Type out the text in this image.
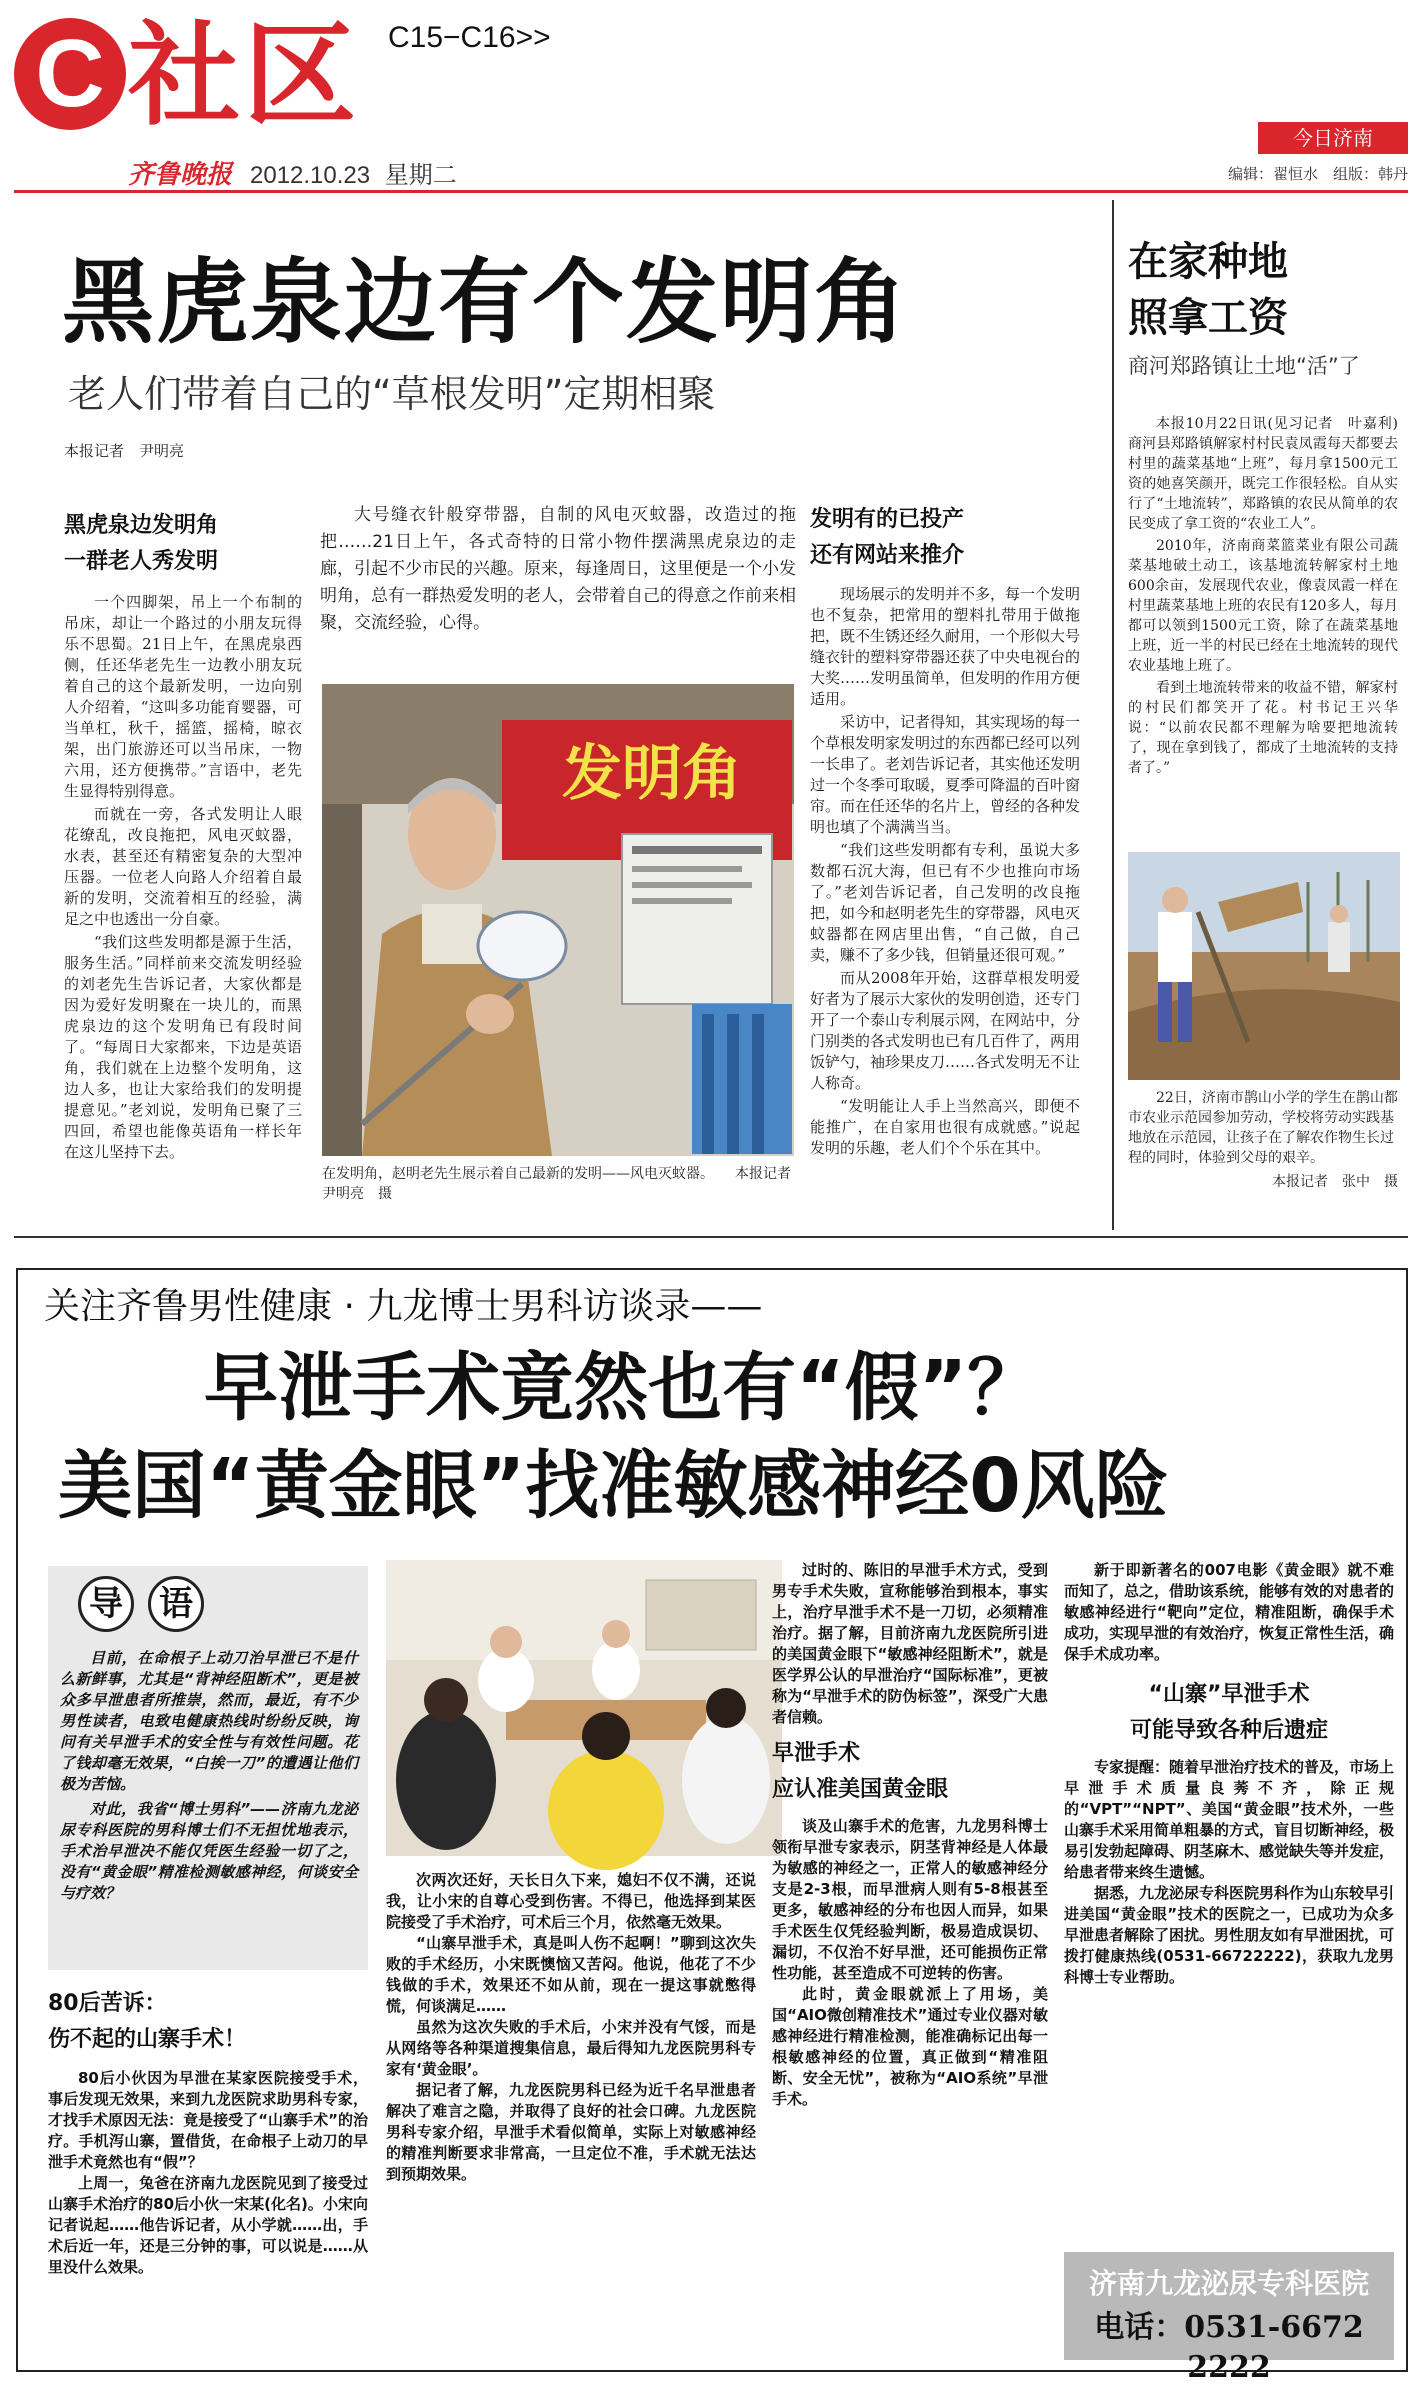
C 社区 C15−C16>>
齐鲁晚报 2012.10.23 星期二
今日济南
编辑：翟恒水　组版：韩丹
黑虎泉边有个发明角
老人们带着自己的“草根发明”定期相聚
本报记者　尹明亮
黑虎泉边发明角
一群老人秀发明

一个四脚架，吊上一个布制的吊床，却让一个路过的小朋友玩得乐不思蜀。21日上午，在黑虎泉西侧，任还华老先生一边教小朋友玩着自己的这个最新发明，一边向别人介绍着，“这叫多功能育婴器，可当单杠，秋千，摇篮，摇椅，晾衣架，出门旅游还可以当吊床，一物六用，还方便携带。”言语中，老先生显得特别得意。

而就在一旁，各式发明让人眼花缭乱，改良拖把，风电灭蚊器，水表，甚至还有精密复杂的大型冲压器。一位老人向路人介绍着自最新的发明，交流着相互的经验，满足之中也透出一分自豪。

“我们这些发明都是源于生活，服务生活。”同样前来交流发明经验的刘老先生告诉记者，大家伙都是因为爱好发明聚在一块儿的，而黑虎泉边的这个发明角已有段时间了。“每周日大家都来，下边是英语角，我们就在上边整个发明角，这边人多，也让大家给我们的发明提提意见。”老刘说，发明角已聚了三四回，希望也能像英语角一样长年在这儿坚持下去。

大号缝衣针般穿带器，自制的风电灭蚊器，改造过的拖把……21日上午，各式奇特的日常小物件摆满黑虎泉边的走廊，引起不少市民的兴趣。原来，每逢周日，这里便是一个小发明角，总有一群热爱发明的老人，会带着自己的得意之作前来相聚，交流经验，心得。

发明角
在发明角，赵明老先生展示着自己最新的发明——风电灭蚊器。　　本报记者　尹明亮　摄
发明有的已投产
还有网站来推介

现场展示的发明并不多，每一个发明也不复杂，把常用的塑料扎带用于做拖把，既不生锈还经久耐用，一个形似大号缝衣针的塑料穿带器还获了中央电视台的大奖……发明虽简单，但发明的作用方便适用。

采访中，记者得知，其实现场的每一个草根发明家发明过的东西都已经可以列一长串了。老刘告诉记者，其实他还发明过一个冬季可取暖，夏季可降温的百叶窗帘。而在任还华的名片上，曾经的各种发明也填了个满满当当。

“我们这些发明都有专利，虽说大多数都石沉大海，但已有不少也推向市场了。”老刘告诉记者，自己发明的改良拖把，如今和赵明老先生的穿带器，风电灭蚊器都在网店里出售，“自己做，自己卖，赚不了多少钱，但销量还很可观。”

而从2008年开始，这群草根发明爱好者为了展示大家伙的发明创造，还专门开了一个泰山专利展示网，在网站中，分门别类的各式发明也已有几百件了，两用饭铲勺，袖珍果皮刀……各式发明无不让人称奇。

“发明能让人手上当然高兴，即便不能推广，在自家用也很有成就感。”说起发明的乐趣，老人们个个乐在其中。

在家种地
照拿工资
商河郑路镇让土地“活”了

本报10月22日讯(见习记者　叶嘉利)　商河县郑路镇解家村村民袁凤霞每天都要去村里的蔬菜基地“上班”，每月拿1500元工资的她喜笑颜开，既完工作很轻松。自从实行了“土地流转”，郑路镇的农民从简单的农民变成了拿工资的“农业工人”。

2010年，济南商菜篮菜业有限公司蔬菜基地破土动工，该基地流转解家村土地600余亩，发展现代农业，像袁凤霞一样在村里蔬菜基地上班的农民有120多人，每月都可以领到1500元工资，除了在蔬菜基地上班，近一半的村民已经在土地流转的现代农业基地上班了。

看到土地流转带来的收益不错，解家村的村民们都笑开了花。村书记王兴华说：“以前农民都不理解为啥要把地流转了，现在拿到钱了，都成了土地流转的支持者了。”

22日，济南市鹊山小学的学生在鹊山都市农业示范园参加劳动，学校将劳动实践基地放在示范园，让孩子在了解农作物生长过程的同时，体验到父母的艰辛。

本报记者　张中　摄

关注齐鲁男性健康 · 九龙博士男科访谈录——
早泄手术竟然也有“假”？
美国“黄金眼”找准敏感神经0风险
导	语

目前，在命根子上动刀治早泄已不是什么新鲜事，尤其是“背神经阻断术”，更是被众多早泄患者所推崇，然而，最近，有不少男性读者，电致电健康热线时纷纷反映，询问有关早泄手术的安全性与有效性问题。花了钱却毫无效果，“白挨一刀”的遭遇让他们极为苦恼。

对此，我省“博士男科”——济南九龙泌尿专科医院的男科博士们不无担忧地表示，手术治早泄决不能仅凭医生经验一切了之，没有“黄金眼”精准检测敏感神经，何谈安全与疗效？

80后苦诉：
伤不起的山寨手术！

80后小伙因为早泄在某家医院接受手术，事后发现无效果，来到九龙医院求助男科专家，才找手术原因无法：竟是接受了“山寨手术”的治疗。手机泻山寨，置借货，在命根子上动刀的早泄手术竟然也有“假”？

上周一，兔爸在济南九龙医院见到了接受过山寨手术治疗的80后小伙一宋某(化名)。小宋向记者说起……他告诉记者，从小学就……出，手术后近一年，还是三分钟的事，可以说是……从里没什么效果。

次两次还好，天长日久下来，媳妇不仅不满，还说我，让小宋的自尊心受到伤害。不得已，他选择到某医院接受了手术治疗，可术后三个月，依然毫无效果。

“山寨早泄手术，真是叫人伤不起啊！”聊到这次失败的手术经历，小宋既懊恼又苦闷。他说，他花了不少钱做的手术，效果还不如从前，现在一提这事就憋得慌，何谈满足……

虽然为这次失败的手术后，小宋并没有气馁，而是从网络等各种渠道搜集信息，最后得知九龙医院男科专家有‘黄金眼’。

据记者了解，九龙医院男科已经为近千名早泄患者解决了难言之隐，并取得了良好的社会口碑。九龙医院男科专家介绍，早泄手术看似简单，实际上对敏感神经的精准判断要求非常高，一旦定位不准，手术就无法达到预期效果。

过时的、陈旧的早泄手术方式，受到男专手术失败，宣称能够治到根本，事实上，治疗早泄手术不是一刀切，必须精准治疗。据了解，目前济南九龙医院所引进的美国黄金眼下“敏感神经阻断术”，就是医学界公认的早泄治疗“国际标准”，更被称为“早泄手术的防伪标签”，深受广大患者信赖。

早泄手术
应认准美国黄金眼

谈及山寨手术的危害，九龙男科博士领衔早泄专家表示，阴茎背神经是人体最为敏感的神经之一，正常人的敏感神经分支是2-3根，而早泄病人则有5-8根甚至更多，敏感神经的分布也因人而异，如果手术医生仅凭经验判断，极易造成误切、漏切，不仅治不好早泄，还可能损伤正常性功能，甚至造成不可逆转的伤害。

此时，黄金眼就派上了用场，美国“AIO微创精准技术”通过专业仪器对敏感神经进行精准检测，能准确标记出每一根敏感神经的位置，真正做到“精准阻断、安全无忧”，被称为“AIO系统”早泄手术。

新于即新著名的007电影《黄金眼》就不难而知了，总之，借助该系统，能够有效的对患者的敏感神经进行“靶向”定位，精准阻断，确保手术成功，实现早泄的有效治疗，恢复正常性生活，确保手术成功率。

“山寨”早泄手术
可能导致各种后遗症

专家提醒：随着早泄治疗技术的普及，市场上早泄手术质量良莠不齐，除正规的“VPT”“NPT”、美国“黄金眼”技术外，一些山寨手术采用简单粗暴的方式，盲目切断神经，极易引发勃起障碍、阴茎麻木、感觉缺失等并发症，给患者带来终生遗憾。

据悉，九龙泌尿专科医院男科作为山东较早引进美国“黄金眼”技术的医院之一，已成功为众多早泄患者解除了困扰。男性朋友如有早泄困扰，可拨打健康热线(0531-66722222)，获取九龙男科博士专业帮助。

济南九龙泌尿专科医院
电话：0531-6672 2222
